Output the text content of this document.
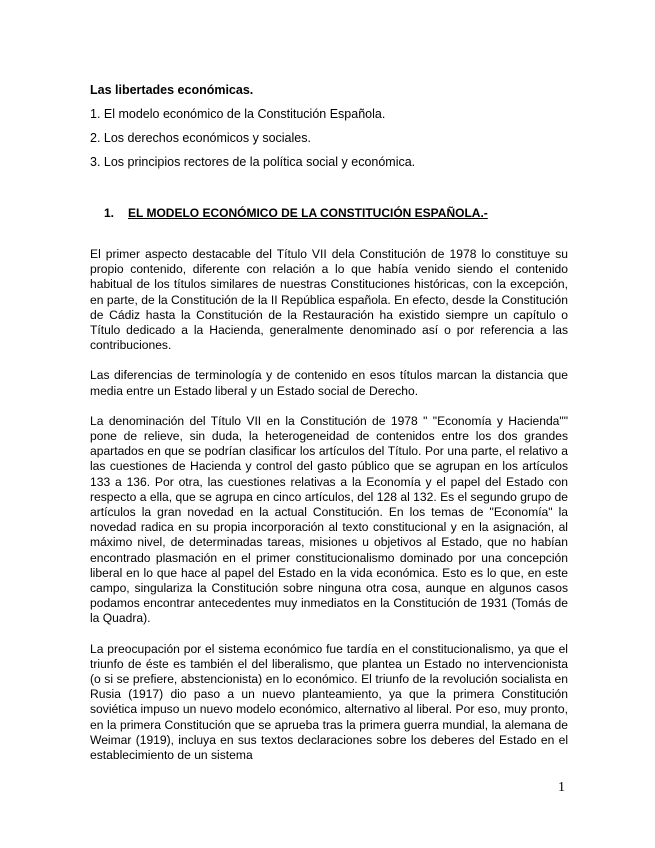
Las libertades económicas.
1. El modelo económico de la Constitución Española.
2. Los derechos económicos y sociales.
3. Los principios rectores de la política social y económica.
1. EL MODELO ECONÓMICO DE LA CONSTITUCIÓN ESPAÑOLA.-

El primer aspecto destacable del Título VII dela Constitución de 1978 lo constituye su propio contenido, diferente con relación a lo que había venido siendo el contenido habitual de los títulos similares de nuestras Constituciones históricas, con la excepción, en parte, de la Constitución de la II República española. En efecto, desde la Constitución de Cádiz hasta la Constitución de la Restauración ha existido siempre un capítulo o Título dedicado a la Hacienda, generalmente denominado así o por referencia a las contribuciones.

Las diferencias de terminología y de contenido en esos títulos marcan la distancia que media entre un Estado liberal y un Estado social de Derecho.

La denominación del Título VII en la Constitución de 1978 " "Economía y Hacienda"" pone de relieve, sin duda, la heterogeneidad de contenidos entre los dos grandes apartados en que se podrían clasificar los artículos del Título. Por una parte, el relativo a las cuestiones de Hacienda y control del gasto público que se agrupan en los artículos 133 a 136. Por otra, las cuestiones relativas a la Economía y el papel del Estado con respecto a ella, que se agrupa en cinco artículos, del 128 al 132. Es el segundo grupo de artículos la gran novedad en la actual Constitución. En los temas de "Economía" la novedad radica en su propia incorporación al texto constitucional y en la asignación, al máximo nivel, de determinadas tareas, misiones u objetivos al Estado, que no habían encontrado plasmación en el primer constitucionalismo dominado por una concepción liberal en lo que hace al papel del Estado en la vida económica. Esto es lo que, en este campo, singulariza la Constitución sobre ninguna otra cosa, aunque en algunos casos podamos encontrar antecedentes muy inmediatos en la Constitución de 1931 (Tomás de la Quadra).

La preocupación por el sistema económico fue tardía en el constitucionalismo, ya que el triunfo de éste es también el del liberalismo, que plantea un Estado no intervencionista (o si se prefiere, abstencionista) en lo económico. El triunfo de la revolución socialista en Rusia (1917) dio paso a un nuevo planteamiento, ya que la primera Constitución soviética impuso un nuevo modelo económico, alternativo al liberal. Por eso, muy pronto, en la primera Constitución que se aprueba tras la primera guerra mundial, la alemana de Weimar (1919), incluya en sus textos declaraciones sobre los deberes del Estado en el establecimiento de un sistema

1
